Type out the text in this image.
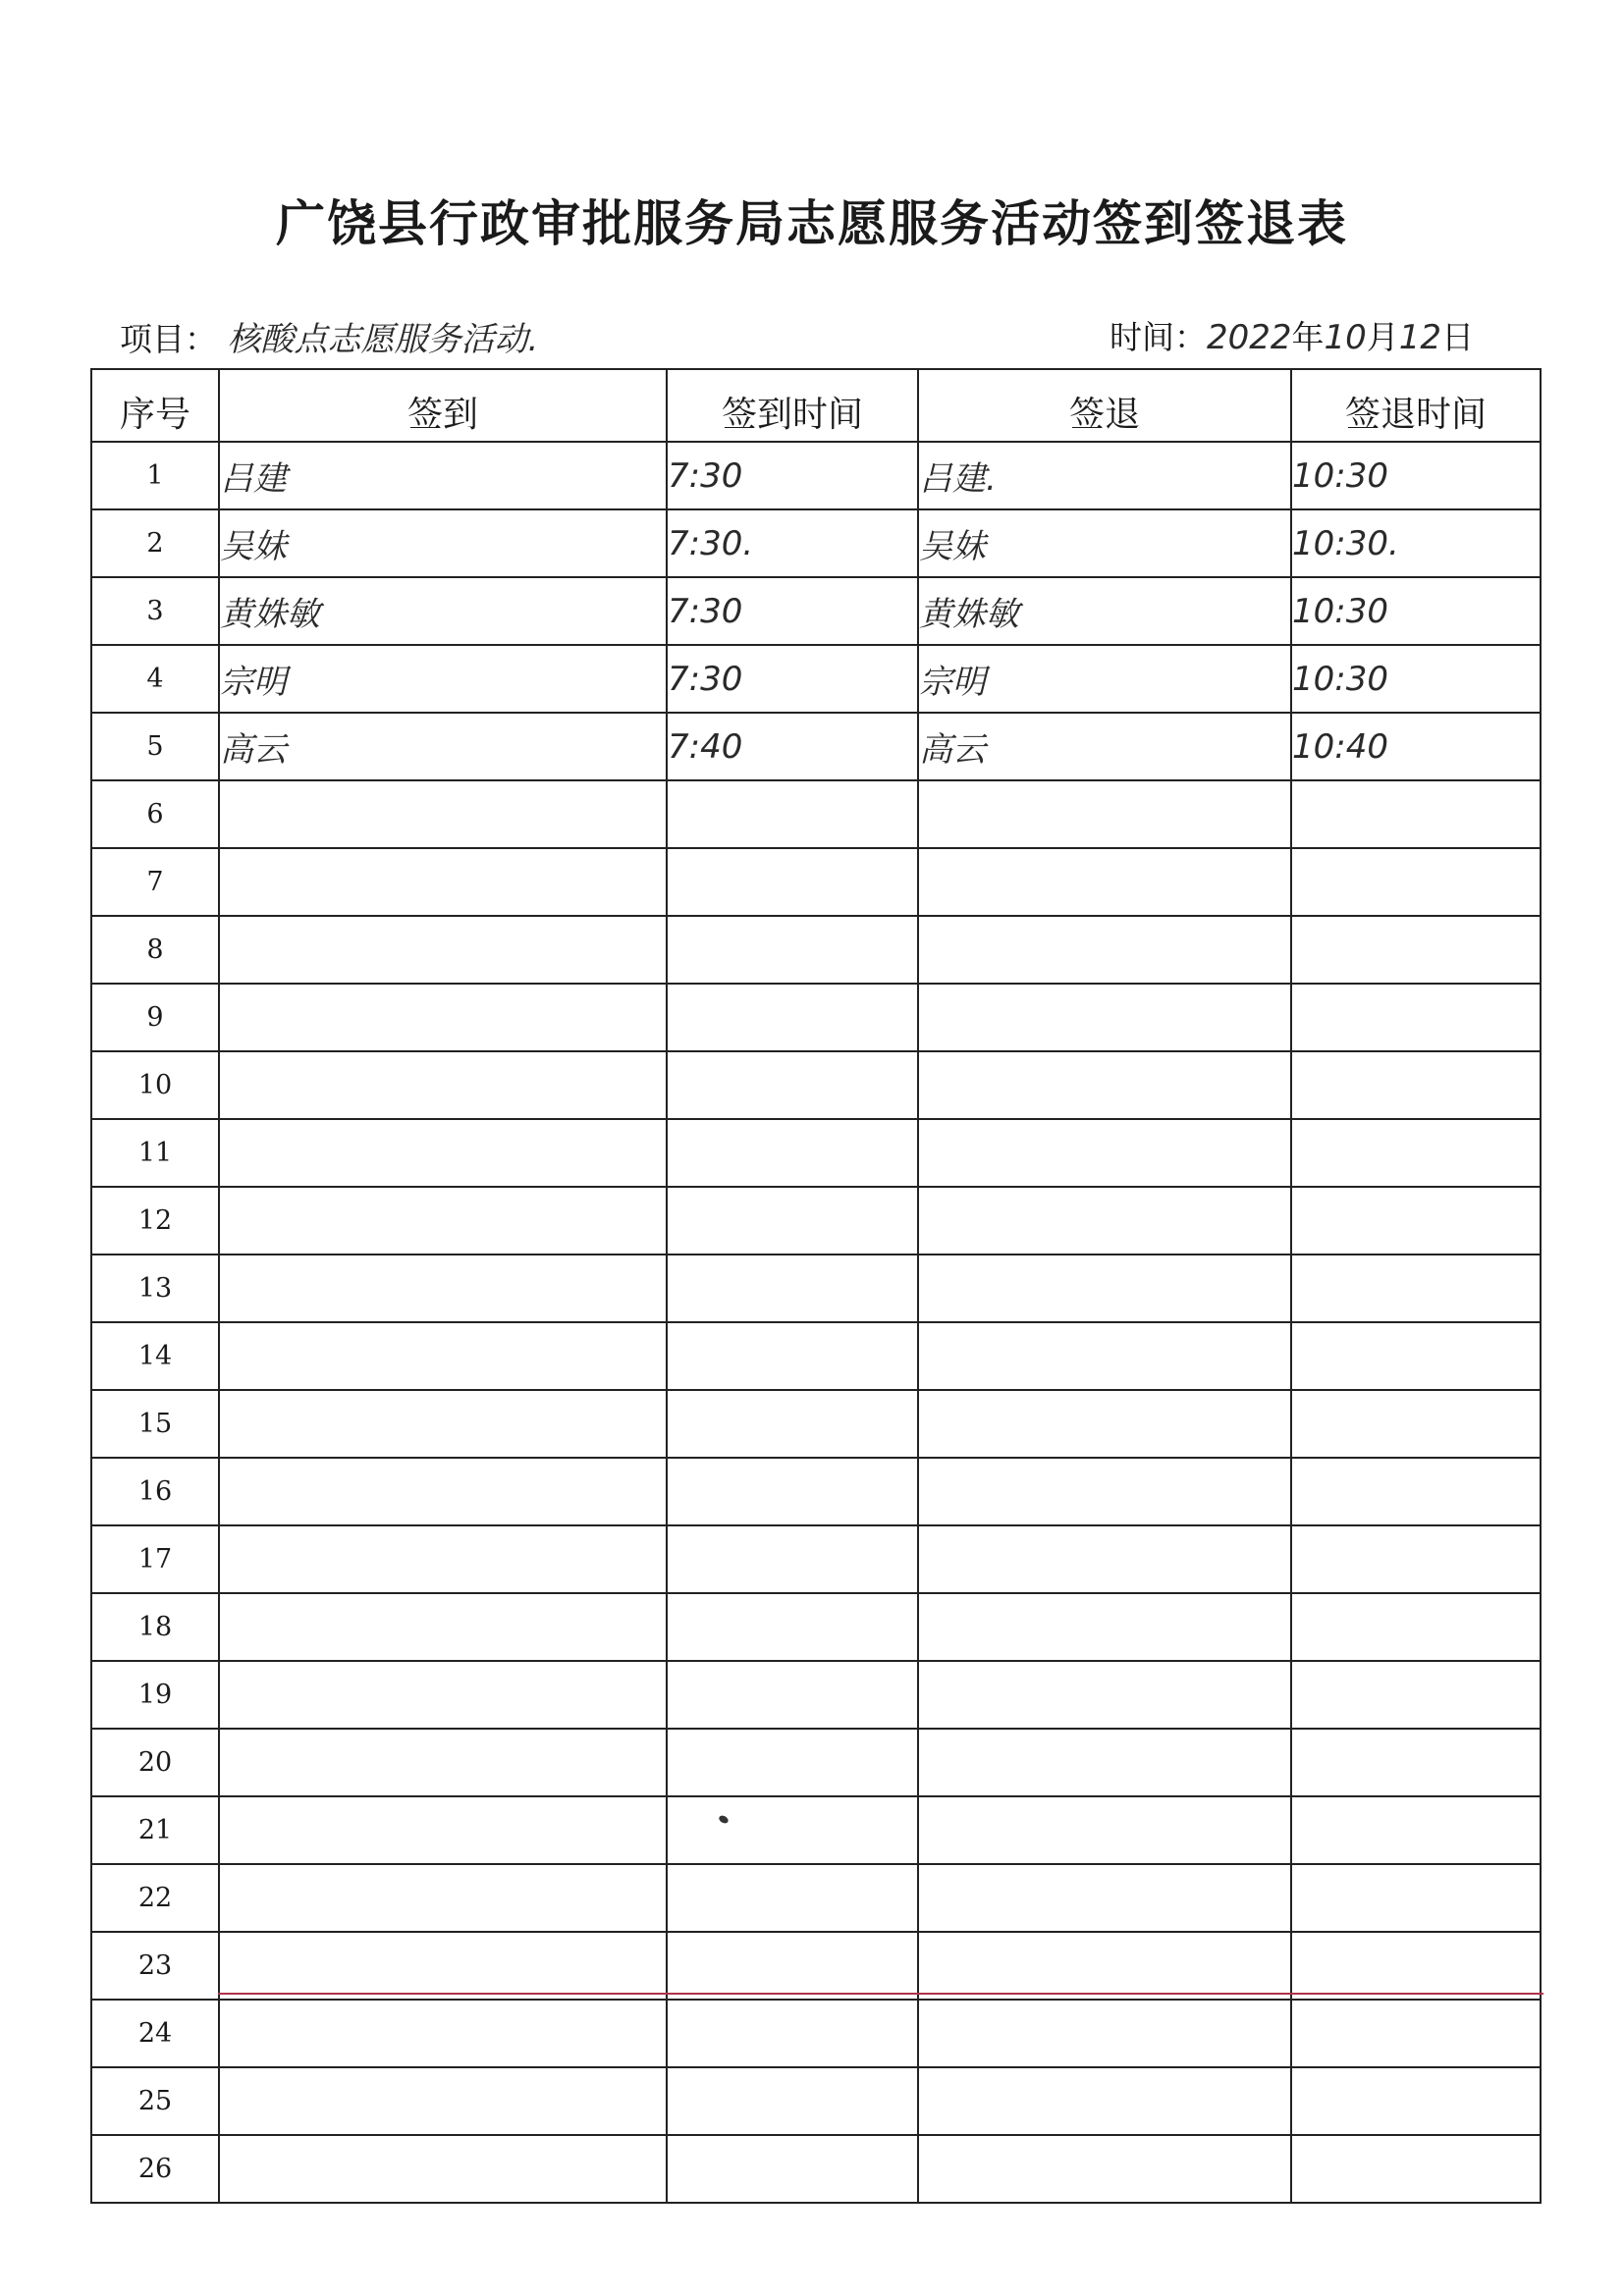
广饶县行政审批服务局志愿服务活动签到签退表
项目： 核酸点志愿服务活动.	时间：2022年10月12日
序号	签到	签到时间	签退	签退时间
1	吕建	7:30	吕建.	10:30
2	吴妹	7:30.	吴妹	10:30.
3	黄姝敏	7:30	黄姝敏	10:30
4	宗明	7:30	宗明	10:30
5	高云	7:40	高云	10:40
6				
7				
8				
9				
10				
11				
12				
13				
14				
15				
16				
17				
18				
19				
20				
21				
22				
23				
24				
25				
26				
